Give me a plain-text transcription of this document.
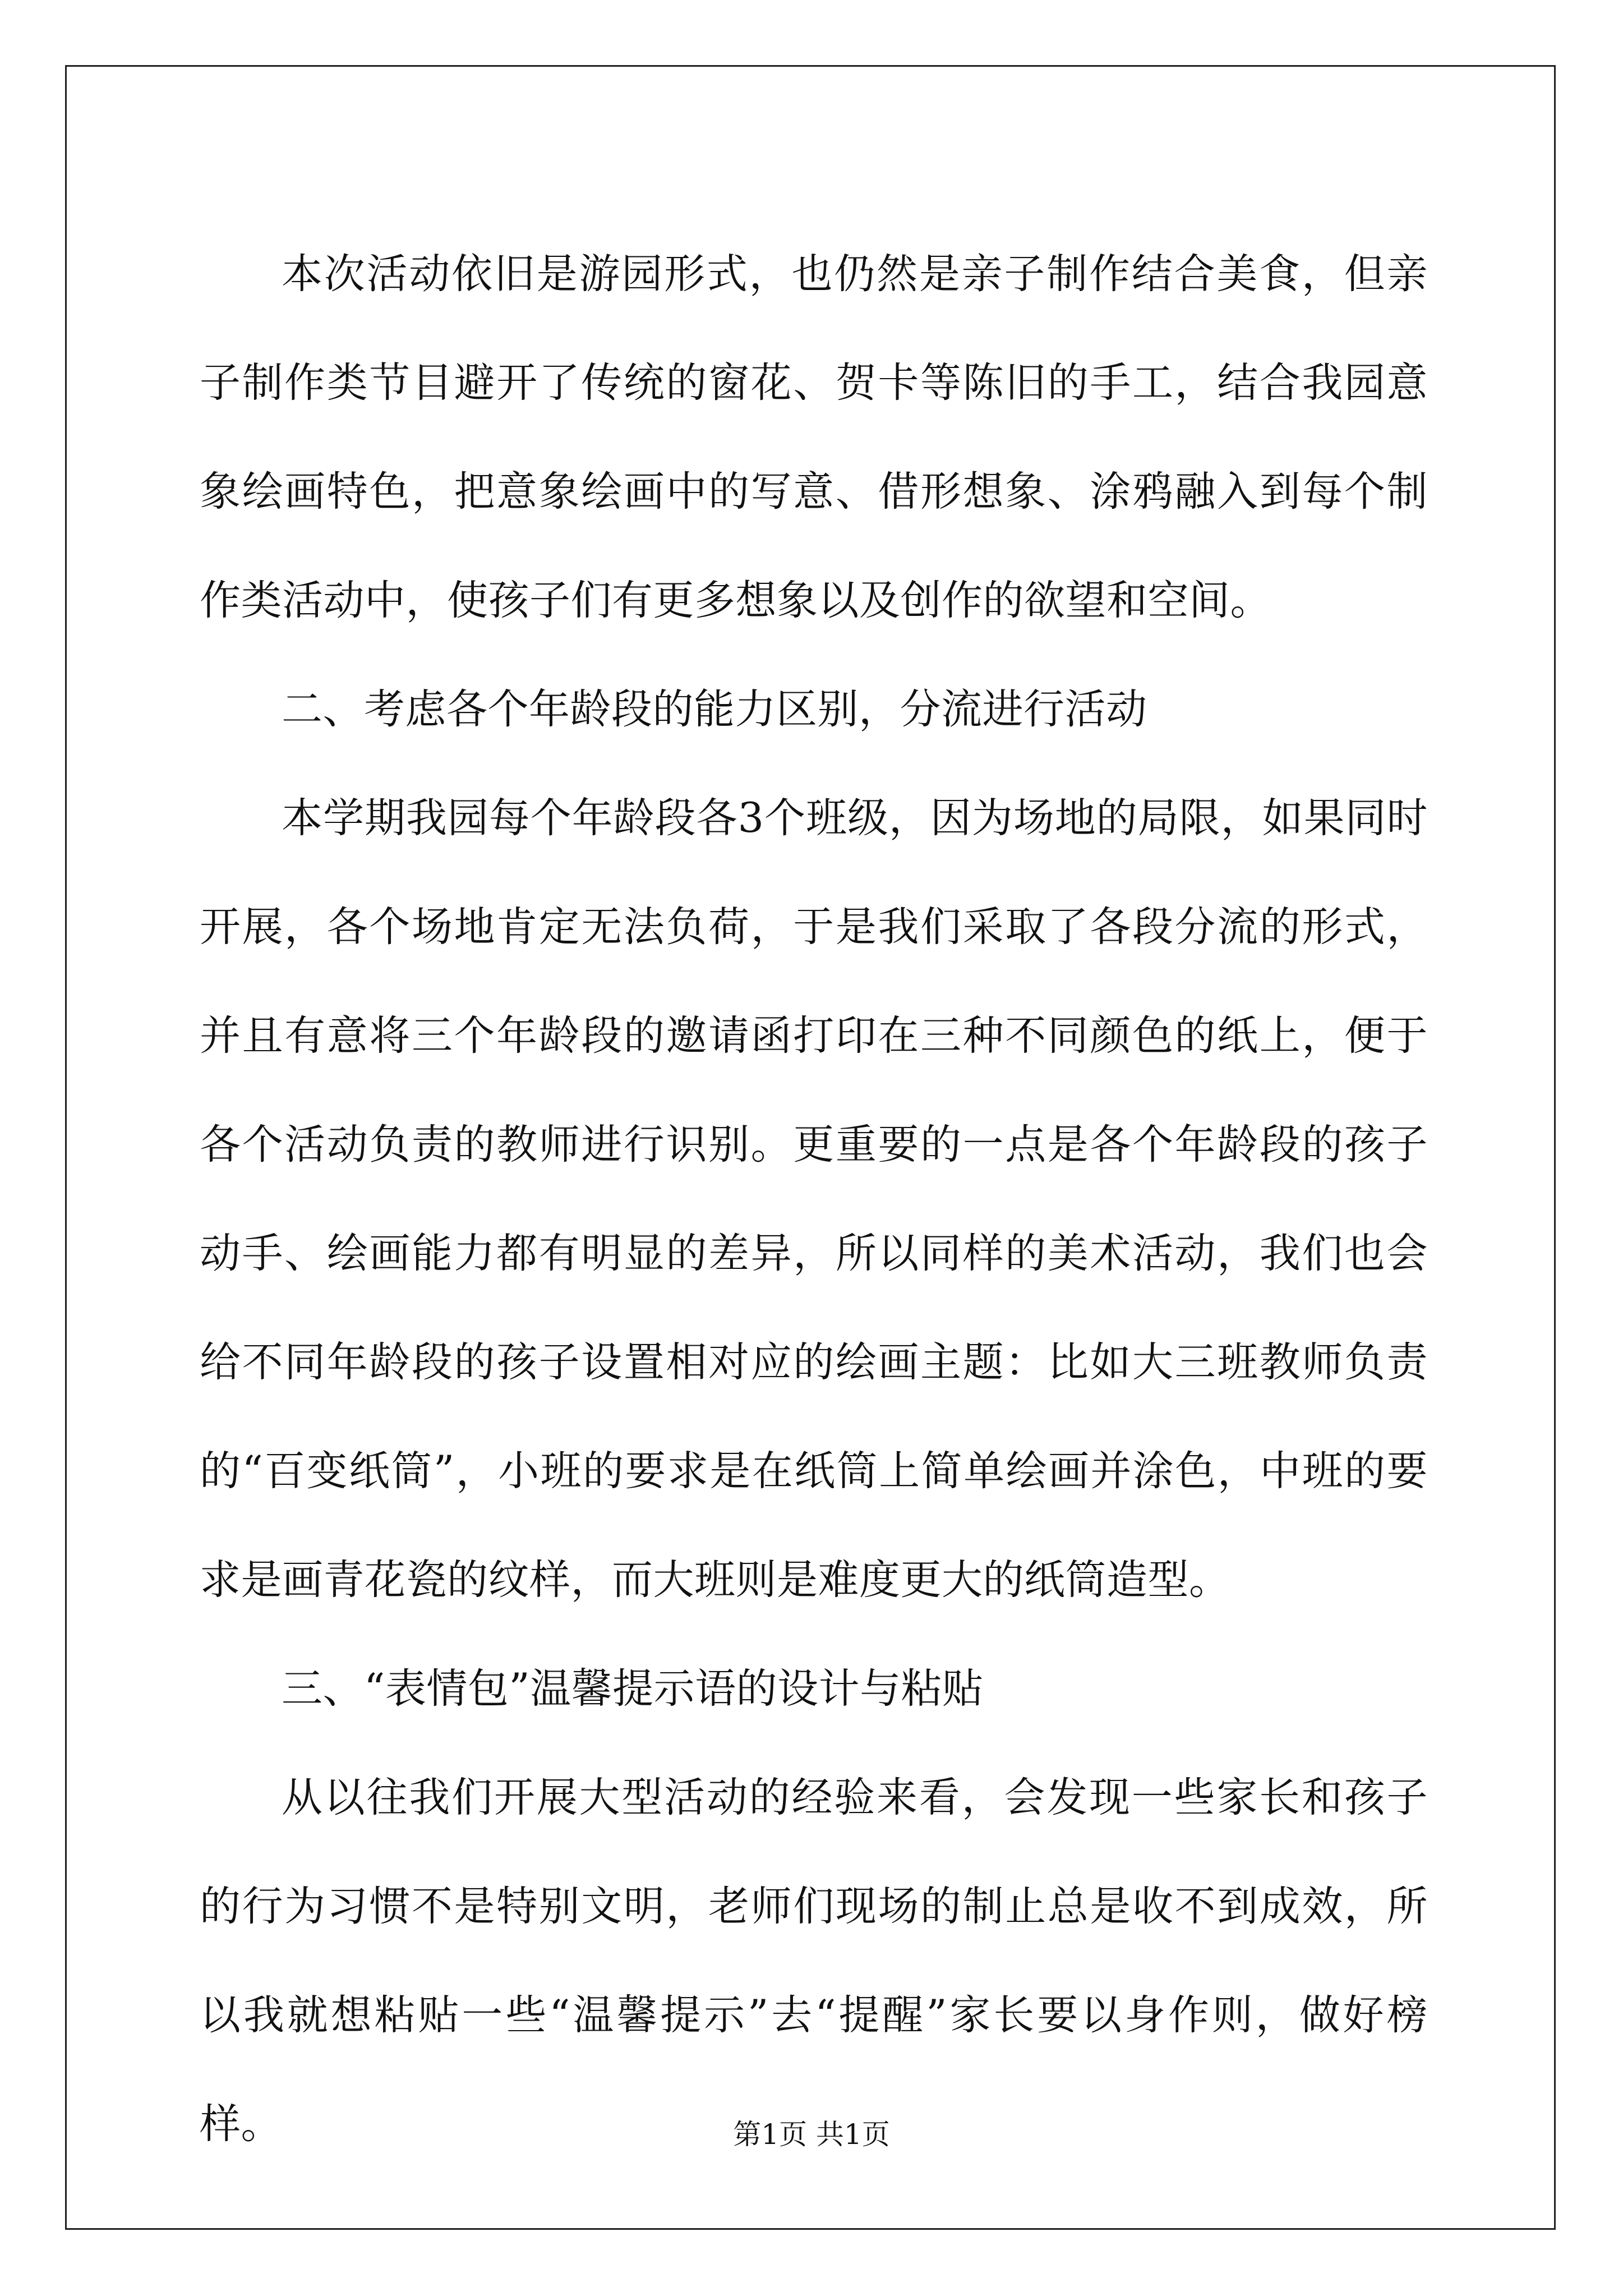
本次活动依旧是游园形式，也仍然是亲子制作结合美食，但亲子制作类节目避开了传统的窗花、贺卡等陈旧的手工，结合我园意象绘画特色，把意象绘画中的写意、借形想象、涂鸦融入到每个制作类活动中，使孩子们有更多想象以及创作的欲望和空间。

二、考虑各个年龄段的能力区别，分流进行活动

本学期我园每个年龄段各3个班级，因为场地的局限，如果同时开展，各个场地肯定无法负荷，于是我们采取了各段分流的形式，并且有意将三个年龄段的邀请函打印在三种不同颜色的纸上，便于各个活动负责的教师进行识别。更重要的一点是各个年龄段的孩子动手、绘画能力都有明显的差异，所以同样的美术活动，我们也会给不同年龄段的孩子设置相对应的绘画主题：比如大三班教师负责的“百变纸筒”，小班的要求是在纸筒上简单绘画并涂色，中班的要求是画青花瓷的纹样，而大班则是难度更大的纸筒造型。

三、“表情包”温馨提示语的设计与粘贴

从以往我们开展大型活动的经验来看，会发现一些家长和孩子的行为习惯不是特别文明，老师们现场的制止总是收不到成效，所以我就想粘贴一些“温馨提示”去“提醒”家长要以身作则，做好榜样。	第1页 共1页
